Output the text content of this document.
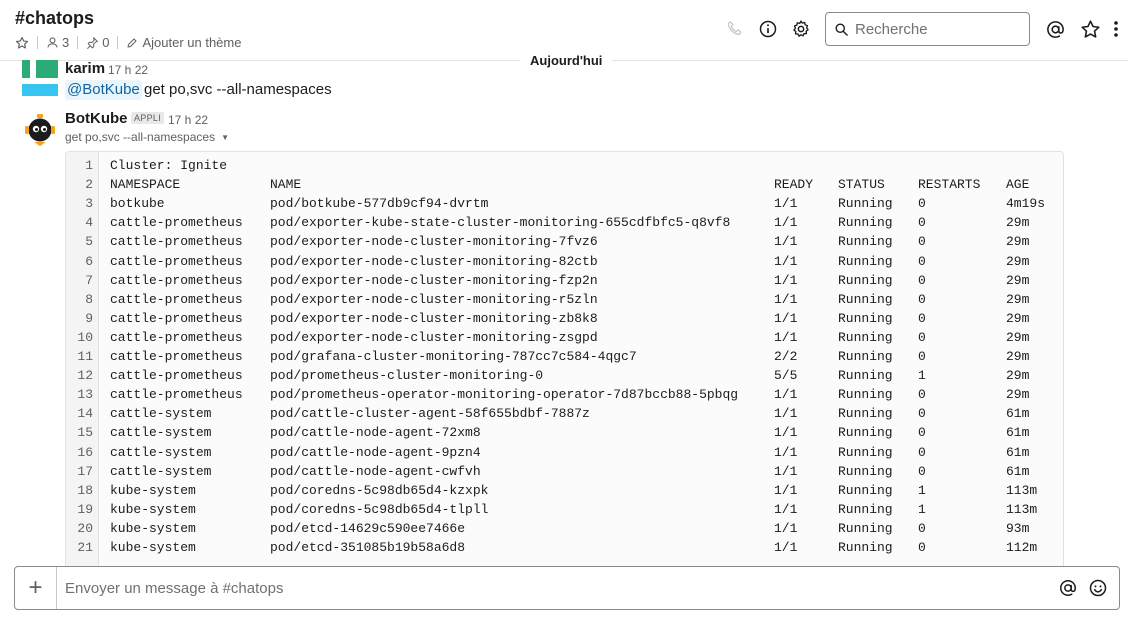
#chatops
3	0	Ajouter un thème
Recherche
Aujourd'hui
karim 17 h 22
@BotKube get po,svc --all-namespaces
BotKube APPLI 17 h 22
get po,svc --all-namespaces ▼
1 Cluster: Ignite
2 NAMESPACE	NAME	READY STATUS	RESTARTS AGE
3 botkube	pod/botkube-577db9cf94-dvrtm	1/1	Running 0	4m19s
4 cattle-prometheus pod/exporter-kube-state-cluster-monitoring-655cdfbfc5-q8vf8	1/1	Running 0	29m
5 cattle-prometheus pod/exporter-node-cluster-monitoring-7fvz6	1/1	Running 0	29m
6 cattle-prometheus pod/exporter-node-cluster-monitoring-82ctb	1/1	Running 0	29m
7 cattle-prometheus pod/exporter-node-cluster-monitoring-fzp2n	1/1	Running 0	29m
8 cattle-prometheus pod/exporter-node-cluster-monitoring-r5zln	1/1	Running 0	29m
9 cattle-prometheus pod/exporter-node-cluster-monitoring-zb8k8	1/1	Running 0	29m
10 cattle-prometheus pod/exporter-node-cluster-monitoring-zsgpd	1/1	Running 0	29m
11 cattle-prometheus pod/grafana-cluster-monitoring-787cc7c584-4qgc7	2/2	Running 0	29m
12 cattle-prometheus pod/prometheus-cluster-monitoring-0	5/5	Running 1	29m
13 cattle-prometheus pod/prometheus-operator-monitoring-operator-7d87bccb88-5pbqg	1/1	Running 0	29m
14 cattle-system	pod/cattle-cluster-agent-58f655bdbf-7887z	1/1	Running 0	61m
15 cattle-system	pod/cattle-node-agent-72xm8	1/1	Running 0	61m
16 cattle-system	pod/cattle-node-agent-9pzn4	1/1	Running 0	61m
17 cattle-system	pod/cattle-node-agent-cwfvh	1/1	Running 0	61m
18 kube-system	pod/coredns-5c98db65d4-kzxpk	1/1	Running 1	113m
19 kube-system	pod/coredns-5c98db65d4-tlpll	1/1	Running 1	113m
20 kube-system	pod/etcd-14629c590ee7466e	1/1	Running 0	93m
21 kube-system	pod/etcd-351085b19b58a6d8	1/1	Running 0	112m
+
Envoyer un message à #chatops
